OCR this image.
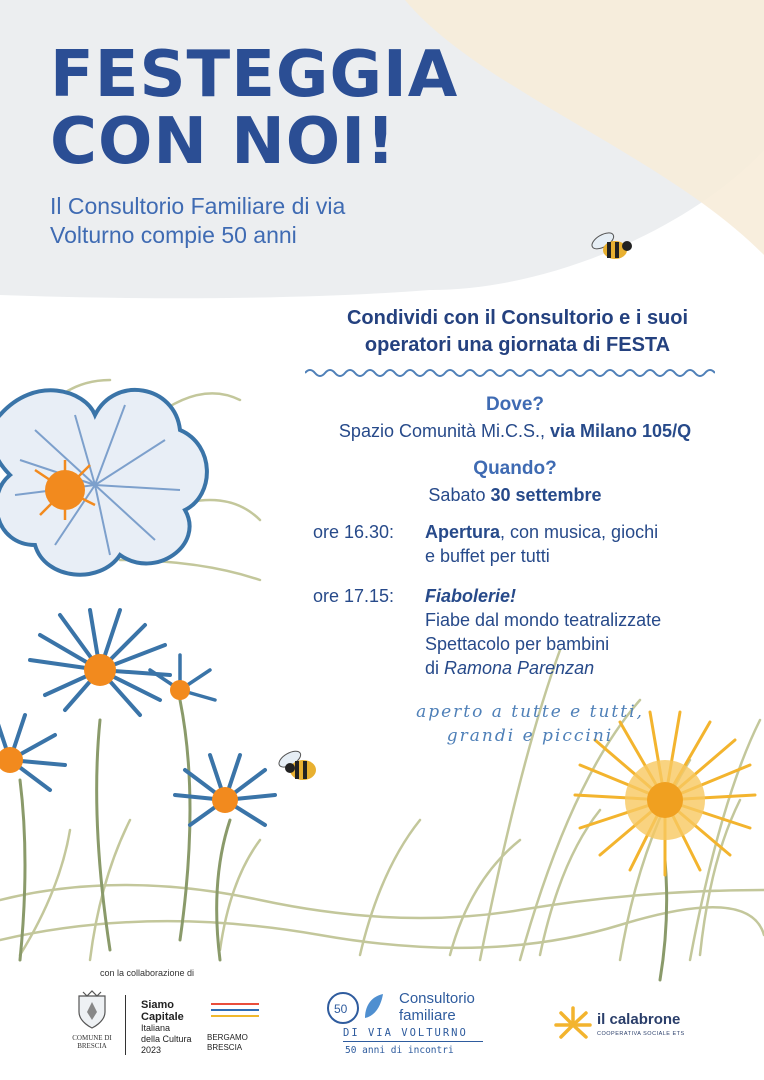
FESTEGGIA
CON NOI!
Il Consultorio Familiare di via
Volturno compie 50 anni
Condividi con il Consultorio e i suoi
operatori una giornata di FESTA
Dove?
Spazio Comunità Mi.C.S., via Milano 105/Q
Quando?
Sabato 30 settembre
ore 16.30:	Apertura, con musica, giochi
e buffet per tutti
ore 17.15:	Fiabolerie!
Fiabe dal mondo teatralizzate
Spettacolo per bambini
di Ramona Parenzan
aperto a tutte e tutti,
grandi e piccini
con la collaborazione di
COMUNE DI
BRESCIA
Siamo
Capitale
Italiana
della Cultura
2023
BERGAMO
BRESCIA
50
Consultorio
familiare
DI VIA VOLTURNO
50 anni di incontri
il calabrone
COOPERATIVA SOCIALE ETS
